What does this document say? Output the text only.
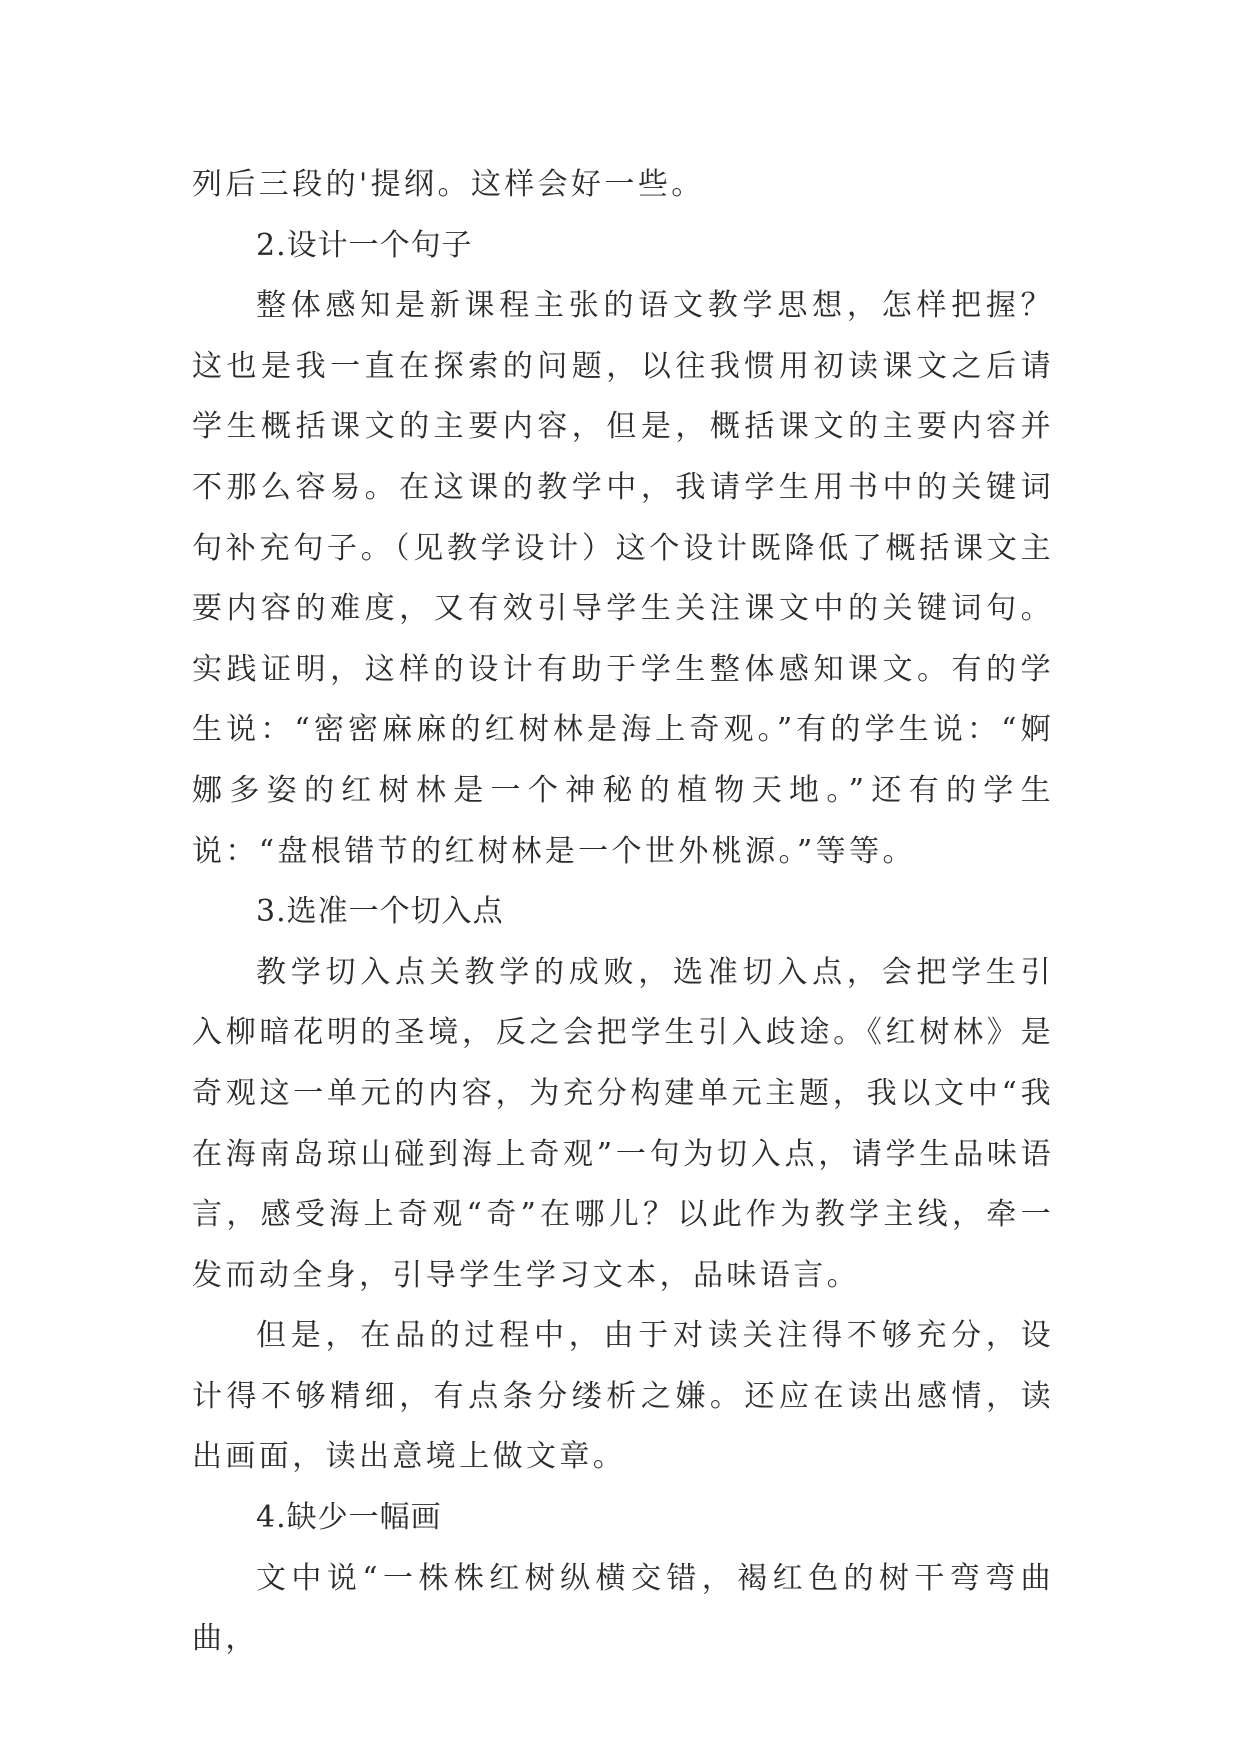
列后三段的'提纲。这样会好一些。

2.设计一个句子

整体感知是新课程主张的语文教学思想，怎样把握？这也是我一直在探索的问题，以往我惯用初读课文之后请学生概括课文的主要内容，但是，概括课文的主要内容并不那么容易。在这课的教学中，我请学生用书中的关键词句补充句子。（见教学设计）这个设计既降低了概括课文主要内容的难度，又有效引导学生关注课文中的关键词句。实践证明，这样的设计有助于学生整体感知课文。有的学生说：“密密麻麻的红树林是海上奇观。”有的学生说：“婀娜多姿的红树林是一个神秘的植物天地。”还有的学生说：“盘根错节的红树林是一个世外桃源。”等等。

3.选准一个切入点

教学切入点关教学的成败，选准切入点，会把学生引入柳暗花明的圣境，反之会把学生引入歧途。《红树林》是奇观这一单元的内容，为充分构建单元主题，我以文中“我在海南岛琼山碰到海上奇观”一句为切入点，请学生品味语言，感受海上奇观“奇”在哪儿？以此作为教学主线，牵一发而动全身，引导学生学习文本，品味语言。

但是，在品的过程中，由于对读关注得不够充分，设计得不够精细，有点条分缕析之嫌。还应在读出感情，读出画面，读出意境上做文章。

4.缺少一幅画

文中说“一株株红树纵横交错，褐红色的树干弯弯曲曲，
